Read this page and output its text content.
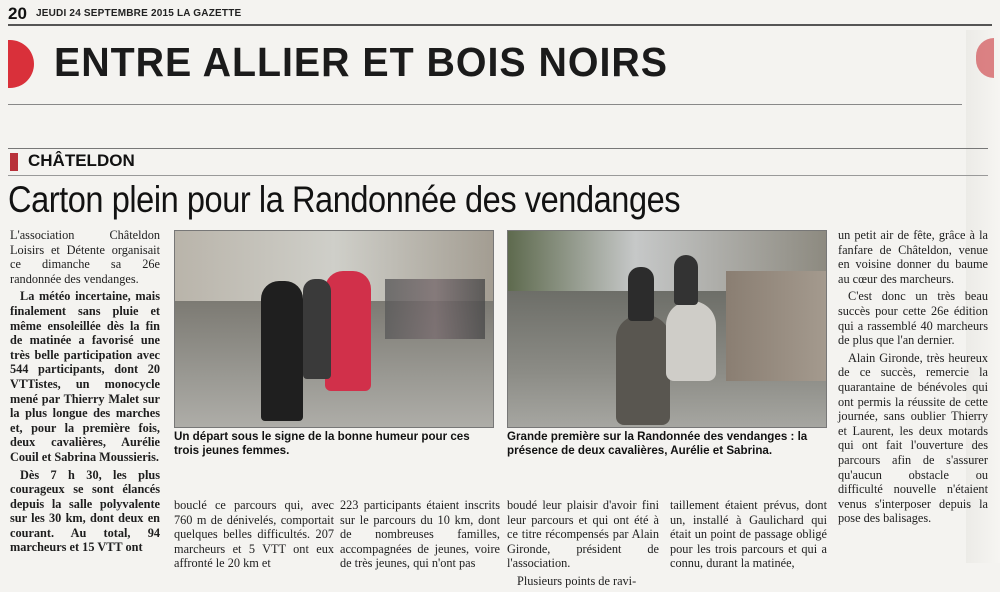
20 JEUDI 24 SEPTEMBRE 2015 LA GAZETTE
ENTRE ALLIER ET BOIS NOIRS
CHÂTELDON
Carton plein pour la Randonnée des vendanges

L'association Châteldon Loisirs et Détente organisait ce dimanche sa 26e randonnée des vendanges.

La météo incertaine, mais finalement sans pluie et même ensoleillée dès la fin de matinée a favorisé une très belle participation avec 544 participants, dont 20 VTTistes, un monocycle mené par Thierry Malet sur la plus longue des marches et, pour la première fois, deux cavalières, Aurélie Couil et Sabrina Moussieris.

Dès 7 h 30, les plus courageux se sont élancés depuis la salle polyvalente sur les 30 km, dont deux en courant. Au total, 94 marcheurs et 15 VTT ont

Un départ sous le signe de la bonne humeur pour ces trois jeunes femmes.
Grande première sur la Randonnée des vendanges : la présence de deux cavalières, Aurélie et Sabrina.

bouclé ce parcours qui, avec 760 m de dénivelés, comportait quelques belles difficultés. 207 marcheurs et 5 VTT ont eux affronté le 20 km et

223 participants étaient inscrits sur le parcours du 10 km, dont de nombreuses familles, accompagnées de jeunes, voire de très jeunes, qui n'ont pas

boudé leur plaisir d'avoir fini leur parcours et qui ont été à ce titre récompensés par Alain Gironde, président de l'association.

Plusieurs points de ravi-

taillement étaient prévus, dont un, installé à Gaulichard qui était un point de passage obligé pour les trois parcours et qui a connu, durant la matinée,

un petit air de fête, grâce à la fanfare de Châteldon, venue en voisine donner du baume au cœur des marcheurs.

C'est donc un très beau succès pour cette 26e édition qui a rassemblé 40 marcheurs de plus que l'an dernier.

Alain Gironde, très heureux de ce succès, remercie la quarantaine de bénévoles qui ont permis la réussite de cette journée, sans oublier Thierry et Laurent, les deux motards qui ont fait l'ouverture des parcours afin de s'assurer qu'aucun obstacle ou difficulté nouvelle n'étaient venus s'interposer depuis la pose des balisages.
